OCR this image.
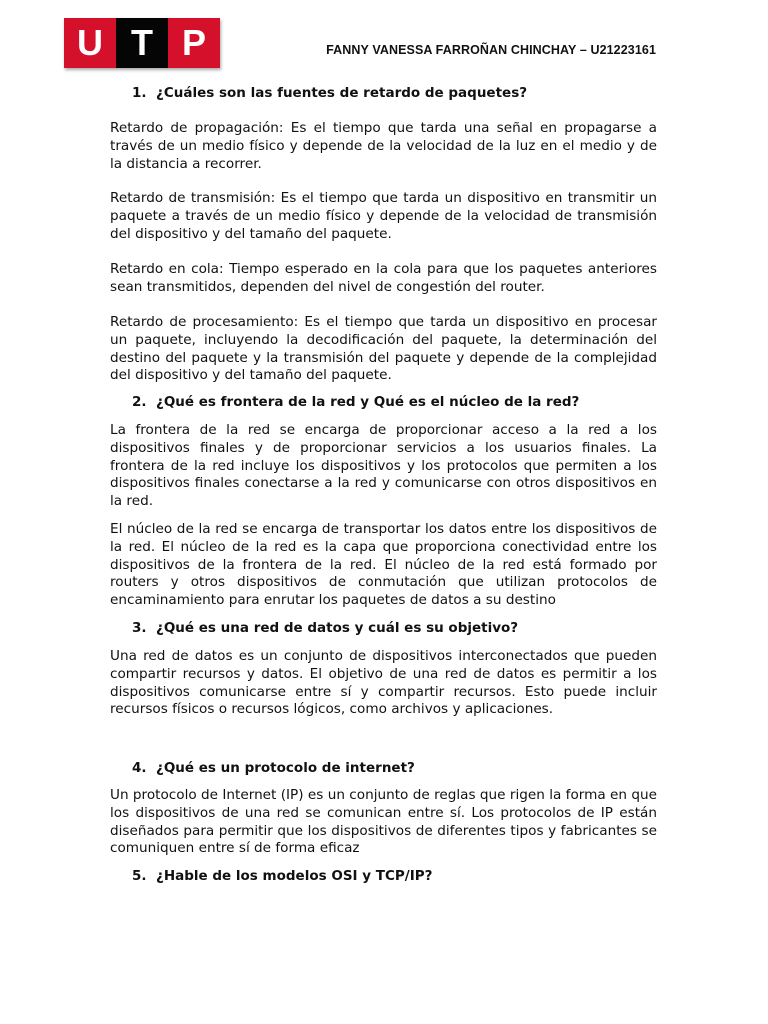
U T P	FANNY VANESSA FARROÑAN CHINCHAY – U21223161
1. ¿Cuáles son las fuentes de retardo de paquetes?

Retardo de propagación: Es el tiempo que tarda una señal en propagarse a través de un medio físico y depende de la velocidad de la luz en el medio y de la distancia a recorrer.

Retardo de transmisión: Es el tiempo que tarda un dispositivo en transmitir un paquete a través de un medio físico y depende de la velocidad de transmisión del dispositivo y del tamaño del paquete.

Retardo en cola: Tiempo esperado en la cola para que los paquetes anteriores sean transmitidos, dependen del nivel de congestión del router.

Retardo de procesamiento: Es el tiempo que tarda un dispositivo en procesar un paquete, incluyendo la decodificación del paquete, la determinación del destino del paquete y la transmisión del paquete y depende de la complejidad del dispositivo y del tamaño del paquete.

2. ¿Qué es frontera de la red y Qué es el núcleo de la red?

La frontera de la red se encarga de proporcionar acceso a la red a los dispositivos finales y de proporcionar servicios a los usuarios finales. La frontera de la red incluye los dispositivos y los protocolos que permiten a los dispositivos finales conectarse a la red y comunicarse con otros dispositivos en la red.

El núcleo de la red se encarga de transportar los datos entre los dispositivos de la red. El núcleo de la red es la capa que proporciona conectividad entre los dispositivos de la frontera de la red. El núcleo de la red está formado por routers y otros dispositivos de conmutación que utilizan protocolos de encaminamiento para enrutar los paquetes de datos a su destino

3. ¿Qué es una red de datos y cuál es su objetivo?

Una red de datos es un conjunto de dispositivos interconectados que pueden compartir recursos y datos. El objetivo de una red de datos es permitir a los dispositivos comunicarse entre sí y compartir recursos. Esto puede incluir recursos físicos o recursos lógicos, como archivos y aplicaciones.

4. ¿Qué es un protocolo de internet?

Un protocolo de Internet (IP) es un conjunto de reglas que rigen la forma en que los dispositivos de una red se comunican entre sí. Los protocolos de IP están diseñados para permitir que los dispositivos de diferentes tipos y fabricantes se comuniquen entre sí de forma eficaz

5. ¿Hable de los modelos OSI y TCP/IP?
